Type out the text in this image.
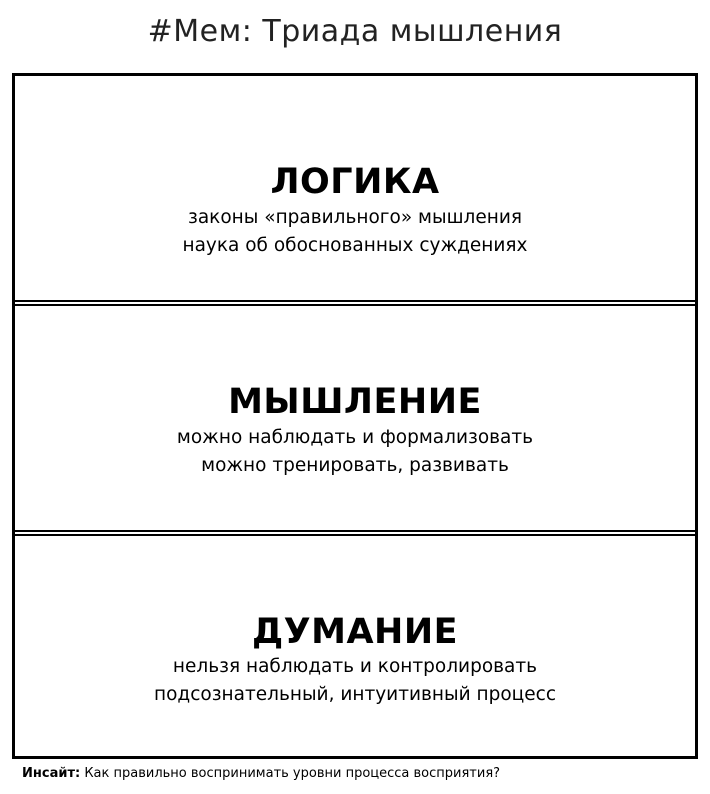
#Мем: Триада мышления
ЛОГИКА
законы «правильного» мышления
наука об обоснованных суждениях
МЫШЛЕНИЕ
можно наблюдать и формализовать
можно тренировать, развивать
ДУМАНИЕ
нельзя наблюдать и контролировать
подсознательный, интуитивный процесс
Инсайт: Как правильно воспринимать уровни процесса восприятия?
